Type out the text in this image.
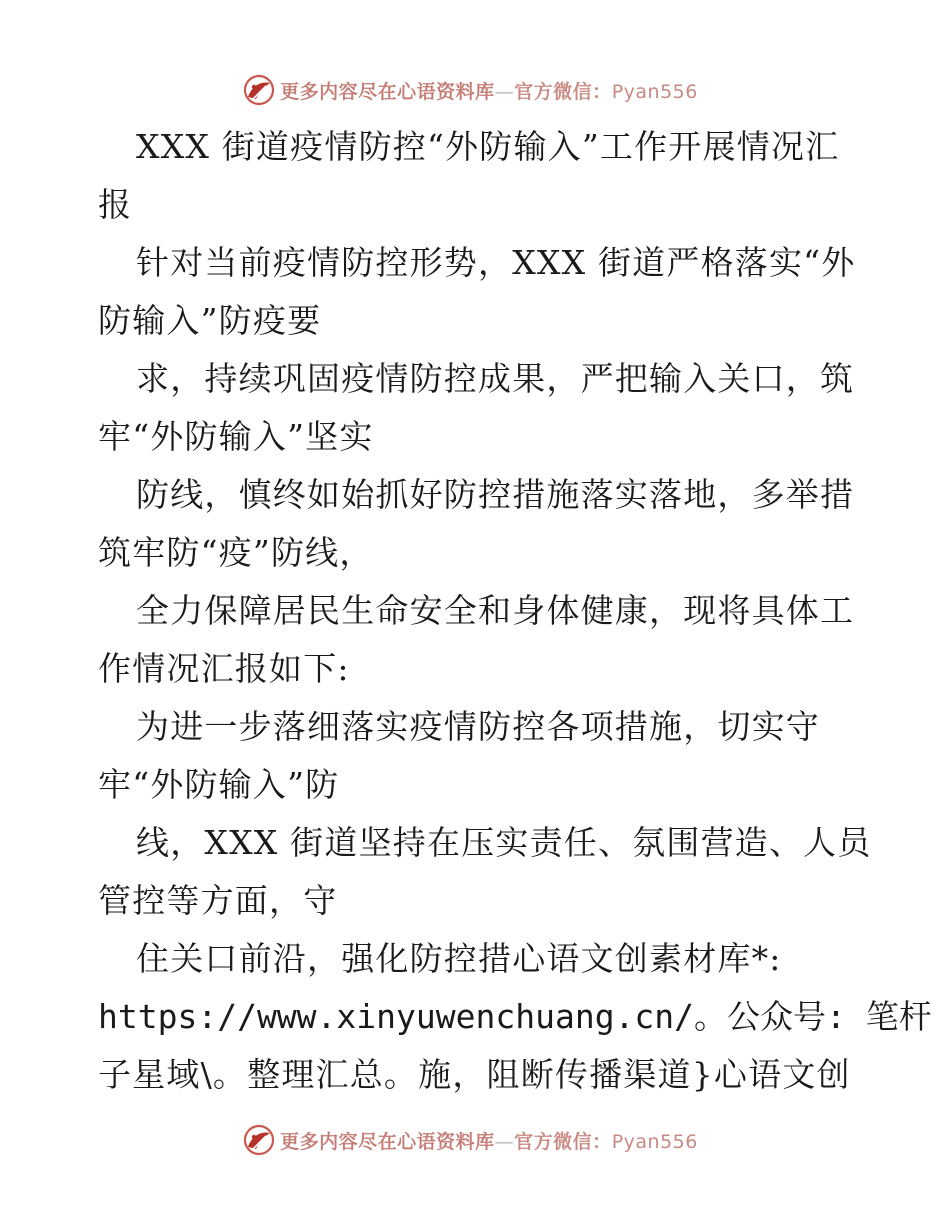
更多内容尽在心语资料库—官方微信：Pyan556
XXX 街道疫情防控“外防输入”工作开展情况汇
报
针对当前疫情防控形势，XXX 街道严格落实“外
防输入”防疫要
求，持续巩固疫情防控成果，严把输入关口，筑
牢“外防输入”坚实
防线，慎终如始抓好防控措施落实落地，多举措
筑牢防“疫”防线，
全力保障居民生命安全和身体健康，现将具体工
作情况汇报如下:
为进一步落细落实疫情防控各项措施，切实守
牢“外防输入”防
线，XXX 街道坚持在压实责任、氛围营造、人员
管控等方面，守
住关口前沿，强化防控措心语文创素材库*:
https://www.xinyuwenchuang.cn/。公众号: 笔杆
子星域\。整理汇总。施，阻断传播渠道}心语文创
更多内容尽在心语资料库—官方微信：Pyan556
